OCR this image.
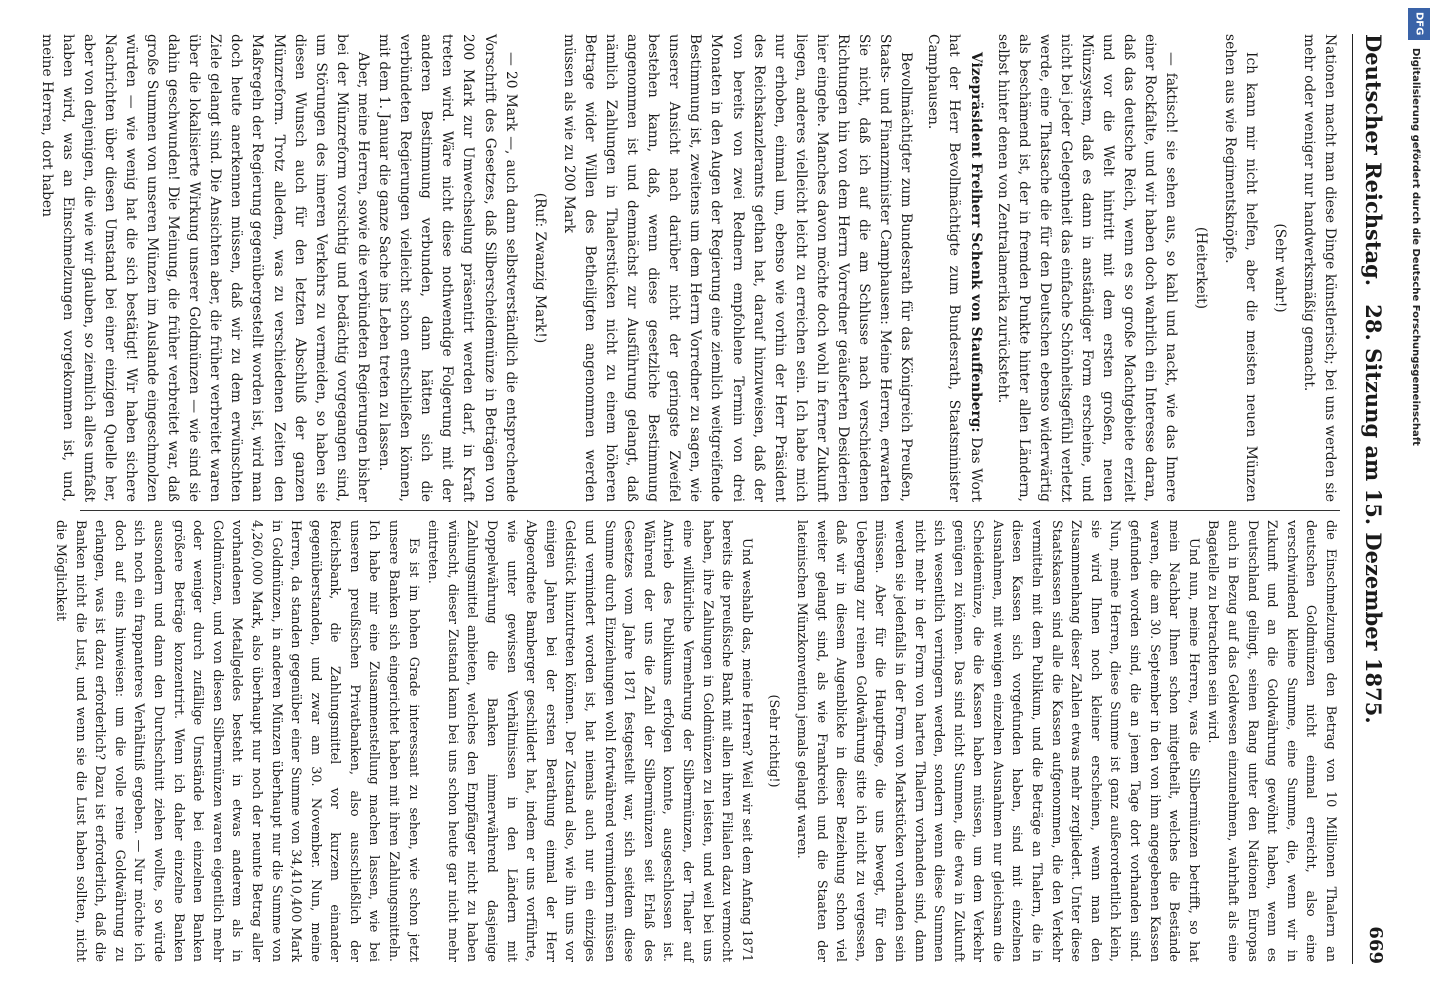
Deutscher Reichstag.
28. Sitzung am 15. Dezember 1875.
669

Nationen macht man diese Dinge künstlerisch; bei uns werden sie mehr oder weniger nur handwerksmäßig gemacht.

(Sehr wahr!)

Ich kann mir nicht helfen, aber die meisten neuen Münzen sehen aus wie Regimentsknöpfe.

(Heiterkeit)

— faktisch! sie sehen aus, so kahl und nackt, wie das Innere einer Rockfalte, und wir haben doch wahrlich ein Interesse daran, daß das deutsche Reich, wenn es so große Machtgebiete erzielt und vor die Welt hintritt mit dem ersten großen, neuen Münzsystem, daß es dann in anständiger Form erscheine, und nicht bei jeder Gelegenheit das einfache Schönheitsgefühl verletzt werde, eine Thatsache die für den Deutschen ebenso widerwärtig als beschämend ist, der in fremden Punkte hinter allen Ländern, selbst hinter denen von Zentralamerika zurücksteht.

Vizepräsident Freiherr Schenk von Stauffenberg: Das Wort hat der Herr Bevollmächtigte zum Bundesrath, Staatsminister Camphausen.

Bevollmächtigter zum Bundesrath für das Königreich Preußen, Staats- und Finanzminister Camphausen: Meine Herren, erwarten Sie nicht, daß ich auf die am Schlusse nach verschiedenen Richtungen hin von dem Herrn Vorredner geäußerten Desiderien hier eingehe. Manches davon möchte doch wohl in ferner Zukunft liegen, anderes vielleicht leicht zu erreichen sein. Ich habe mich nur erhoben, einmal um, ebenso wie vorhin der Herr Präsident des Reichskanzleramts gethan hat, darauf hinzuweisen, daß der von bereits von zwei Rednern empfohlene Termin von drei Monaten in den Augen der Regierung eine ziemlich weitgreifende Bestimmung ist, zweitens um dem Herrn Vorredner zu sagen, wie unserer Ansicht nach darüber nicht der geringste Zweifel bestehen kann, daß, wenn diese gesetzliche Bestimmung angenommen ist und demnächst zur Ausführung gelangt, daß nämlich Zahlungen in Thalerstücken nicht zu einem höheren Betrage wider Willen des Betheiligten angenommen werden müssen als wie zu 200 Mark

(Ruf: Zwanzig Mark!)

— 20 Mark —, auch dann selbstverständlich die entsprechende Vorschrift des Gesetzes, daß Silberscheidemünze in Beträgen von 200 Mark zur Umwechselung präsentirt werden darf, in Kraft treten wird. Wäre nicht diese nothwendige Folgerung mit der anderen Bestimmung verbunden, dann hätten sich die verbündeten Regierungen vielleicht schon entschließen können, mit dem 1. Januar die ganze Sache ins Leben treten zu lassen.

Aber, meine Herren, sowie die verbündeten Regierungen bisher bei der Münzreform vorsichtig und bedächtig vorgegangen sind, um Störungen des inneren Verkehrs zu vermeiden, so haben sie diesen Wunsch auch für den letzten Abschluß der ganzen Münzreform. Trotz alledem, was zu verschiedenen Zeiten den Maßregeln der Regierung gegenübergestellt worden ist, wird man doch heute anerkennen müssen, daß wir zu dem erwünschten Ziele gelangt sind. Die Ansichten aber, die früher verbreitet waren über die lokalisierte Wirkung unserer Goldmünzen — wie sind sie dahin geschwunden! Die Meinung, die früher verbreitet war, daß große Summen von unseren Münzen im Auslande eingeschmolzen würden — wie wenig hat die sich bestätigt! Wir haben sichere Nachrichten über diesen Umstand bei einer einzigen Quelle her, aber von denjenigen, die wie wir glauben, so ziemlich alles umfaßt haben wird, was an Einschmelzungen vorgekommen ist, und, meine Herren, dort haben

die Einschmelzungen den Betrag von 10 Millionen Thalern an deutschen Goldmünzen nicht einmal erreicht, also eine verschwindend kleine Summe, eine Summe, die, wenn wir in Zukunft und an die Goldwährung gewöhnt haben, wenn es Deutschland gelingt, seinen Rang unter den Nationen Europas auch in Bezug auf das Geldwesen einzunehmen, wahrhaft als eine Bagatelle zu betrachten sein wird.

Und nun, meine Herren, was die Silbermünzen betrifft, so hat mein Nachbar Ihnen schon mitgetheilt, welches die Bestände waren, die am 30. September in den von ihm angegebenen Kassen gefunden worden sind, die an jenem Tage dort vorhanden sind. Nun, meine Herren, diese Summe ist ganz außerordentlich klein, sie wird Ihnen noch kleiner erscheinen, wenn man den Zusammenhang dieser Zahlen etwas mehr zergliedert. Unter diese Staatskassen sind alle die Kassen aufgenommen, die den Verkehr vermitteln mit dem Publikum, und die Beträge an Thalern, die in diesen Kassen sich vorgefunden haben, sind mit einzelnen Ausnahmen, mit wenigen einzelnen Ausnahmen nur gleichsam die Scheidemünze, die die Kassen haben müssen, um dem Verkehr genügen zu können. Das sind nicht Summen, die etwa in Zukunft sich wesentlich verringern werden, sondern wenn diese Summen nicht mehr in der Form von harten Thalern vorhanden sind, dann werden sie jedenfalls in der Form von Markstücken vorhanden sein müssen. Aber für die Hauptfrage, die uns bewegt, für den Uebergang zur reinen Goldwährung sitte ich nicht zu vergessen, daß wir in diesem Augenblicke in dieser Beziehung schon viel weiter gelangt sind, als wie Frankreich und die Staaten der lateinischen Münzkonvention jemals gelangt waren.

(Sehr richtig!)

Und weshalb das, meine Herren? Weil wir seit dem Anfang 1871 bereits die preußische Bank mit allen ihren Filialen dazu vermocht haben, ihre Zahlungen in Goldmünzen zu leisten, und weil bei uns eine willkürliche Vermehrung der Silbermünzen, der Thaler auf Antrieb des Publikums erfolgen konnte, ausgeschlossen ist. Während der uns die Zahl der Silbermünzen seit Erlaß des Gesetzes vom Jahre 1871 festgestellt war, sich seitdem diese Summe durch Einziehungen wohl fortwährend vermindern müssen und vermindert worden ist, hat niemals auch nur ein einziges Geldstück hinzutreten können. Der Zustand also, wie ihn uns vor einigen Jahren bei der ersten Berathung einmal der Herr Abgeordnete Bamberger geschildert hat, indem er uns vorführte, wie unter gewissen Verhältnissen in den Ländern mit Doppelwährung die Banken immerwährend dasjenige Zahlungsmittel anbieten, welches den Empfänger nicht zu haben wünscht, dieser Zustand kann bei uns schon heute gar nicht mehr eintreten.

Es ist im hohen Grade interessant zu sehen, wie schon jetzt unsere Banken sich eingerichtet haben mit ihren Zahlungsmitteln. Ich habe mir eine Zusammenstellung machen lassen, wie bei unseren preußischen Privatbanken, also ausschließlich der Reichsbank, die Zahlungsmittel vor kurzem einander gegenüberstanden, und zwar am 30. November. Nun, meine Herren, da standen gegenüber einer Summe von 34,410,400 Mark in Goldmünzen, in anderen Münzen überhaupt nur die Summe von 4,260,000 Mark, also überhaupt nur noch der neunte Betrag aller vorhandenen Metallgeldes besteht in etwas anderem als in Goldmünzen, und von diesen Silbermünzen waren eigentlich mehr oder weniger durch zufällige Umstände bei einzelnen Banken größere Beträge konzentrirt. Wenn ich daher einzelne Banken aussondern und dann den Durchschnitt ziehen wollte, so würde sich noch ein frappanteres Verhältniß ergeben. — Nur möchte ich doch auf eins hinweisen: um die volle reine Goldwährung zu erlangen, was ist dazu erforderlich? Dazu ist erforderlich, daß die Banken nicht die Lust, und wenn sie die Lust haben sollten, nicht die Möglichkeit

DFG
Digitalisierung gefördert durch die Deutsche Forschungsgemeinschaft
